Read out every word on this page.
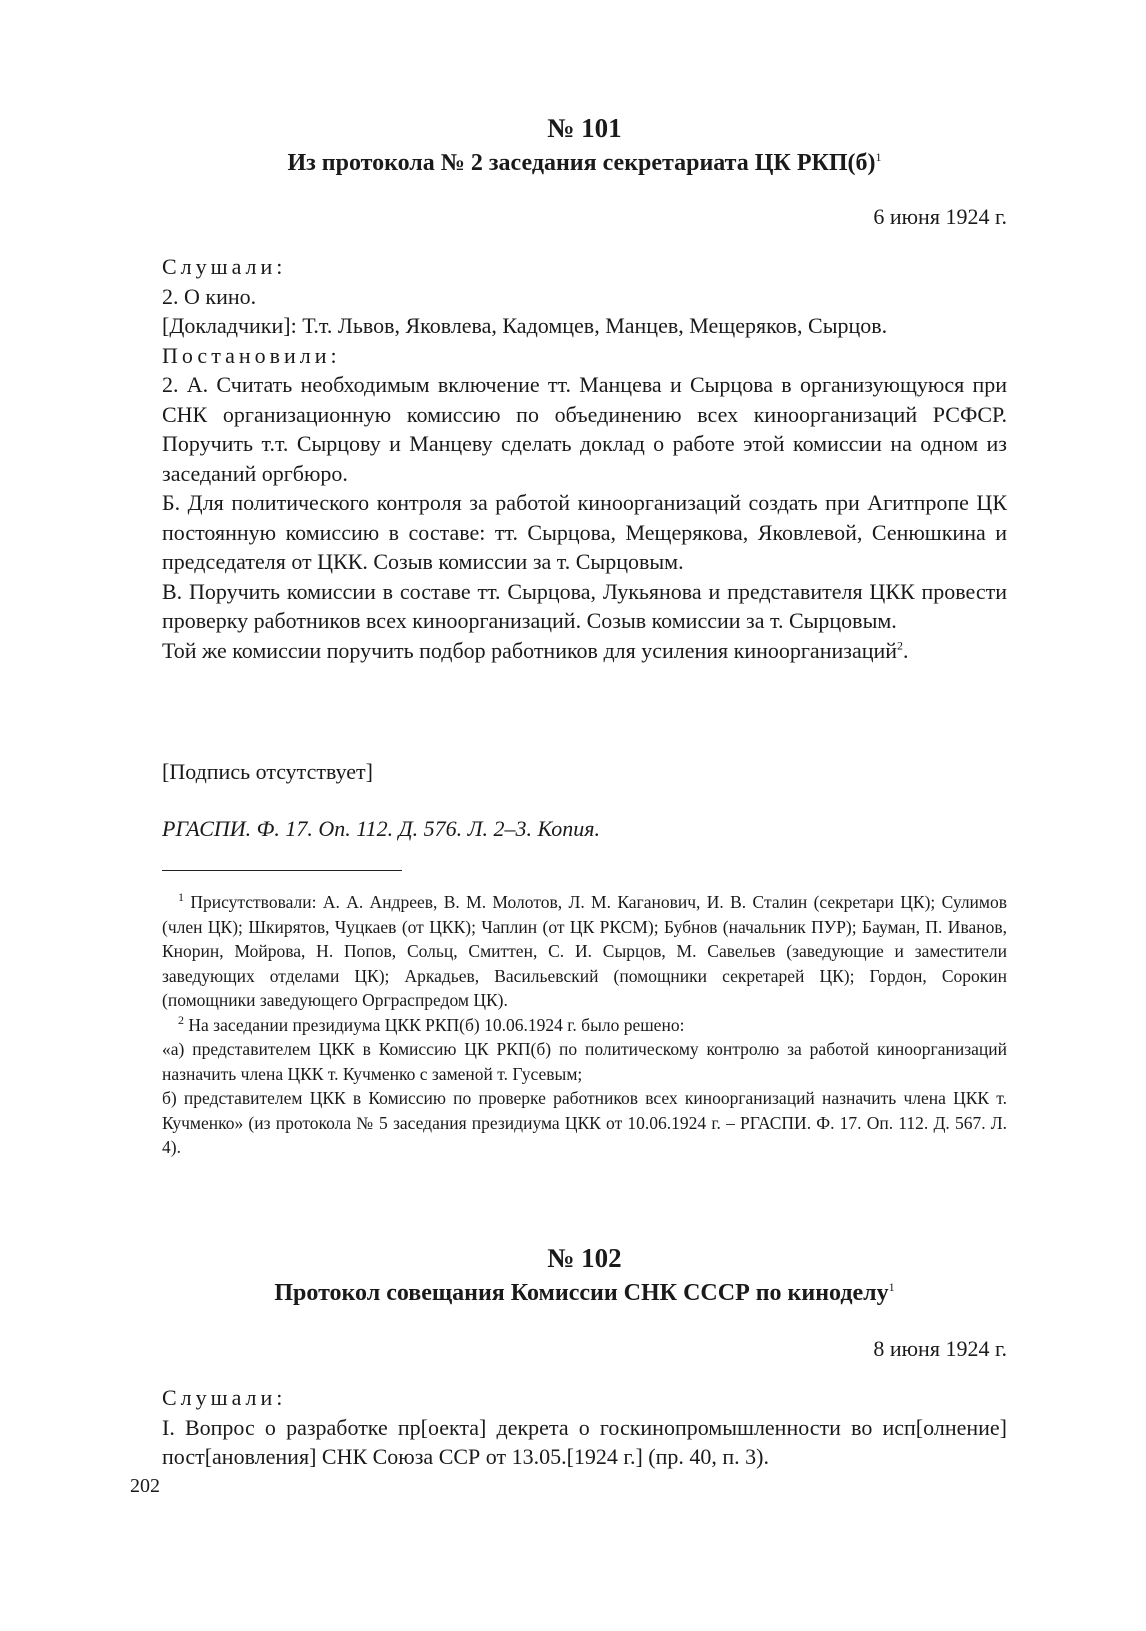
№ 101
Из протокола № 2 заседания секретариата ЦК $РКП(б)^1$
6 июня 1924 г.

Слушали:

2. О кино.

[Докладчики]: Т.т. Львов, Яковлева, Кадомцев, Манцев, Мещеряков, Сырцов.

Постановили:

2. А. Считать необходимым включение тт. Манцева и Сырцова в организующуюся при СНК организационную комиссию по объединению всех киноорганизаций РСФСР. Поручить т.т. Сырцову и Манцеву сделать доклад о работе этой комиссии на одном из заседаний оргбюро.

Б. Для политического контроля за работой киноорганизаций создать при Агитпропе ЦК постоянную комиссию в составе: тт. Сырцова, Мещерякова, Яковлевой, Сенюшкина и председателя от ЦКК. Созыв комиссии за т. Сырцовым.

В. Поручить комиссии в составе тт. Сырцова, Лукьянова и представителя ЦКК провести проверку работников всех киноорганизаций. Созыв комиссии за т. Сырцовым.

Той же комиссии поручить подбор работников для усиления киноорганизаций$^2$.

[Подпись отсутствует]
РГАСПИ. Ф. 17. Оп. 112. Д. 576. Л. 2–3. Копия.

$^1$ Присутствовали: А. А. Андреев, В. М. Молотов, Л. М. Каганович, И. В. Сталин (секретари ЦК); Сулимов (член ЦК); Шкирятов, Чуцкаев (от ЦКК); Чаплин (от ЦК РКСМ); Бубнов (начальник ПУР); Бауман, П. Иванов, Кнорин, Мойрова, Н. Попов, Сольц, Смиттен, С. И. Сырцов, М. Савельев (заведующие и заместители заведующих отделами ЦК); Аркадьев, Васильевский (помощники секретарей ЦК); Гордон, Сорокин (помощники заведующего Орграспредом ЦК).

$^2$ На заседании президиума ЦКК РКП(б) 10.06.1924 г. было решено:

«а) представителем ЦКК в Комиссию ЦК РКП(б) по политическому контролю за работой киноорганизаций назначить члена ЦКК т. Кучменко с заменой т. Гусевым;

б) представителем ЦКК в Комиссию по проверке работников всех киноорганизаций назначить члена ЦКК т. Кучменко» (из протокола № 5 заседания президиума ЦКК от 10.06.1924 г. – РГАСПИ. Ф. 17. Оп. 112. Д. 567. Л. 4).

№ 102
Протокол совещания Комиссии СНК СССР по киноделу$^1$
8 июня 1924 г.

Слушали:

I. Вопрос о разработке пр[оекта] декрета о госкинопромышленности во исп[олнение] пост[ановления] СНК Союза ССР от 13.05.[1924 г.] (пр. 40, п. 3).

202
